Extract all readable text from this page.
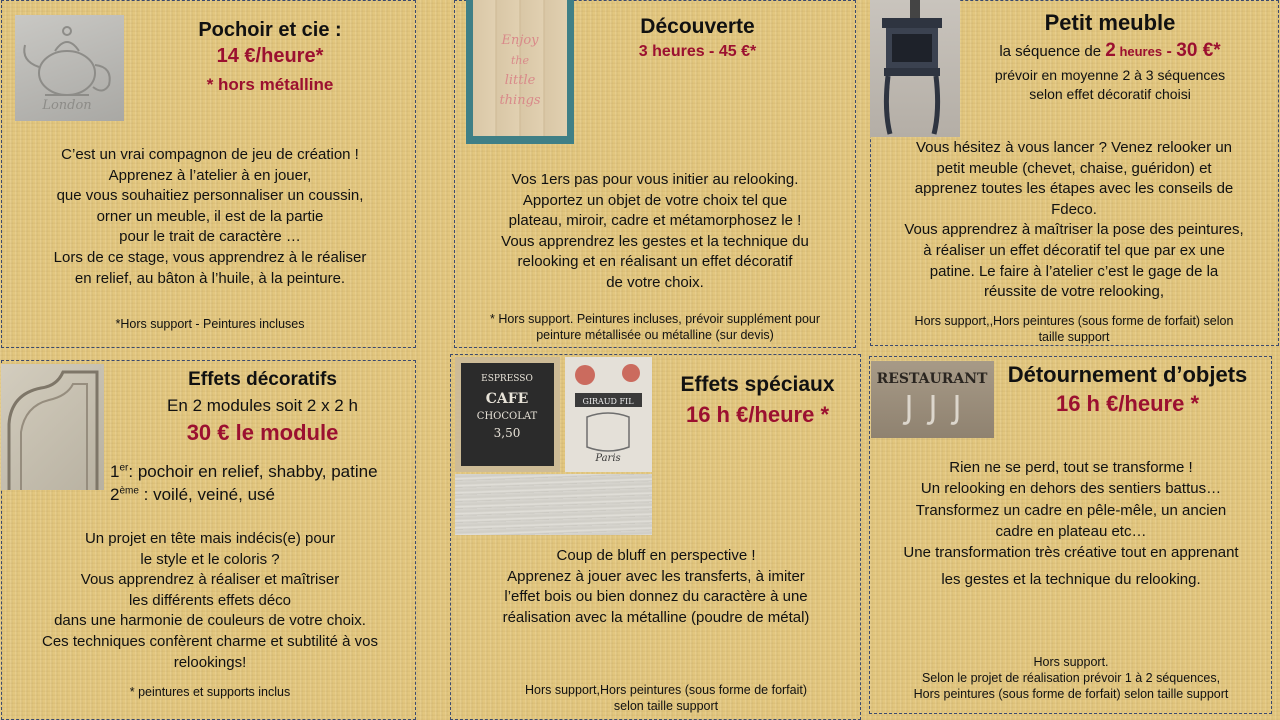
London
Pochoir et cie :
14 €/heure*
* hors métalline
C’est un vrai compagnon de jeu de création !
Apprenez à l’atelier à en jouer,
que vous souhaitiez personnaliser un coussin,
orner un meuble, il est de la partie
pour le trait de caractère …
Lors de ce stage, vous apprendrez à le réaliser
en relief, au bâton à l’huile, à la peinture.
*Hors support - Peintures incluses
Enjoy
the
little
things
Découverte
3 heures - 45 €*
Vos 1ers pas pour vous initier au relooking.
Apportez un objet de votre choix tel que
plateau, miroir, cadre et métamorphosez le !
Vous apprendrez les gestes et la technique du
relooking et en réalisant un effet décoratif
de votre choix.
* Hors support. Peintures incluses, prévoir supplément pour
peinture métallisée ou métalline (sur devis)
Petit meuble
la séquence de 2 heures - 30 €*
prévoir en moyenne 2 à 3 séquences
selon effet décoratif choisi
Vous hésitez à vous lancer ? Venez relooker un
petit meuble (chevet, chaise, guéridon) et
apprenez toutes les étapes avec les conseils de
Fdeco.
Vous apprendrez à maîtriser la pose des peintures,
à réaliser un effet décoratif tel que par ex une
patine. Le faire à l’atelier c’est le gage de la
réussite de votre relooking,
Hors support,,Hors peintures (sous forme de forfait) selon
taille support
Effets décoratifs
En 2 modules soit 2 x 2 h
30 € le module
1er: pochoir en relief, shabby, patine
2ème : voilé, veiné, usé
Un projet en tête mais indécis(e) pour
le style et le coloris ?
Vous apprendrez à réaliser et maîtriser
les différents effets déco
dans une harmonie de couleurs de votre choix.
Ces techniques confèrent charme et subtilité à vos
relookings!
* peintures et supports inclus
ESPRESSO
CAFE
CHOCOLAT
3,50
GIRAUD FIL
Paris
Effets spéciaux
16 h €/heure *
Coup de bluff en perspective !
Apprenez à jouer avec les transferts, à imiter
l’effet bois ou bien donnez du caractère à une
réalisation avec la métalline (poudre de métal)
Hors support,Hors peintures (sous forme de forfait)
selon taille support
RESTAURANT Détournement d’objets
16 h €/heure *
Rien ne se perd, tout se transforme !
Un relooking en dehors des sentiers battus…
Transformez un cadre en pêle-mêle, un ancien
cadre en plateau etc…
Une transformation très créative tout en apprenant
les gestes et la technique du relooking.
Hors support.
Selon le projet de réalisation prévoir 1 à 2 séquences,
Hors peintures (sous forme de forfait) selon taille support
